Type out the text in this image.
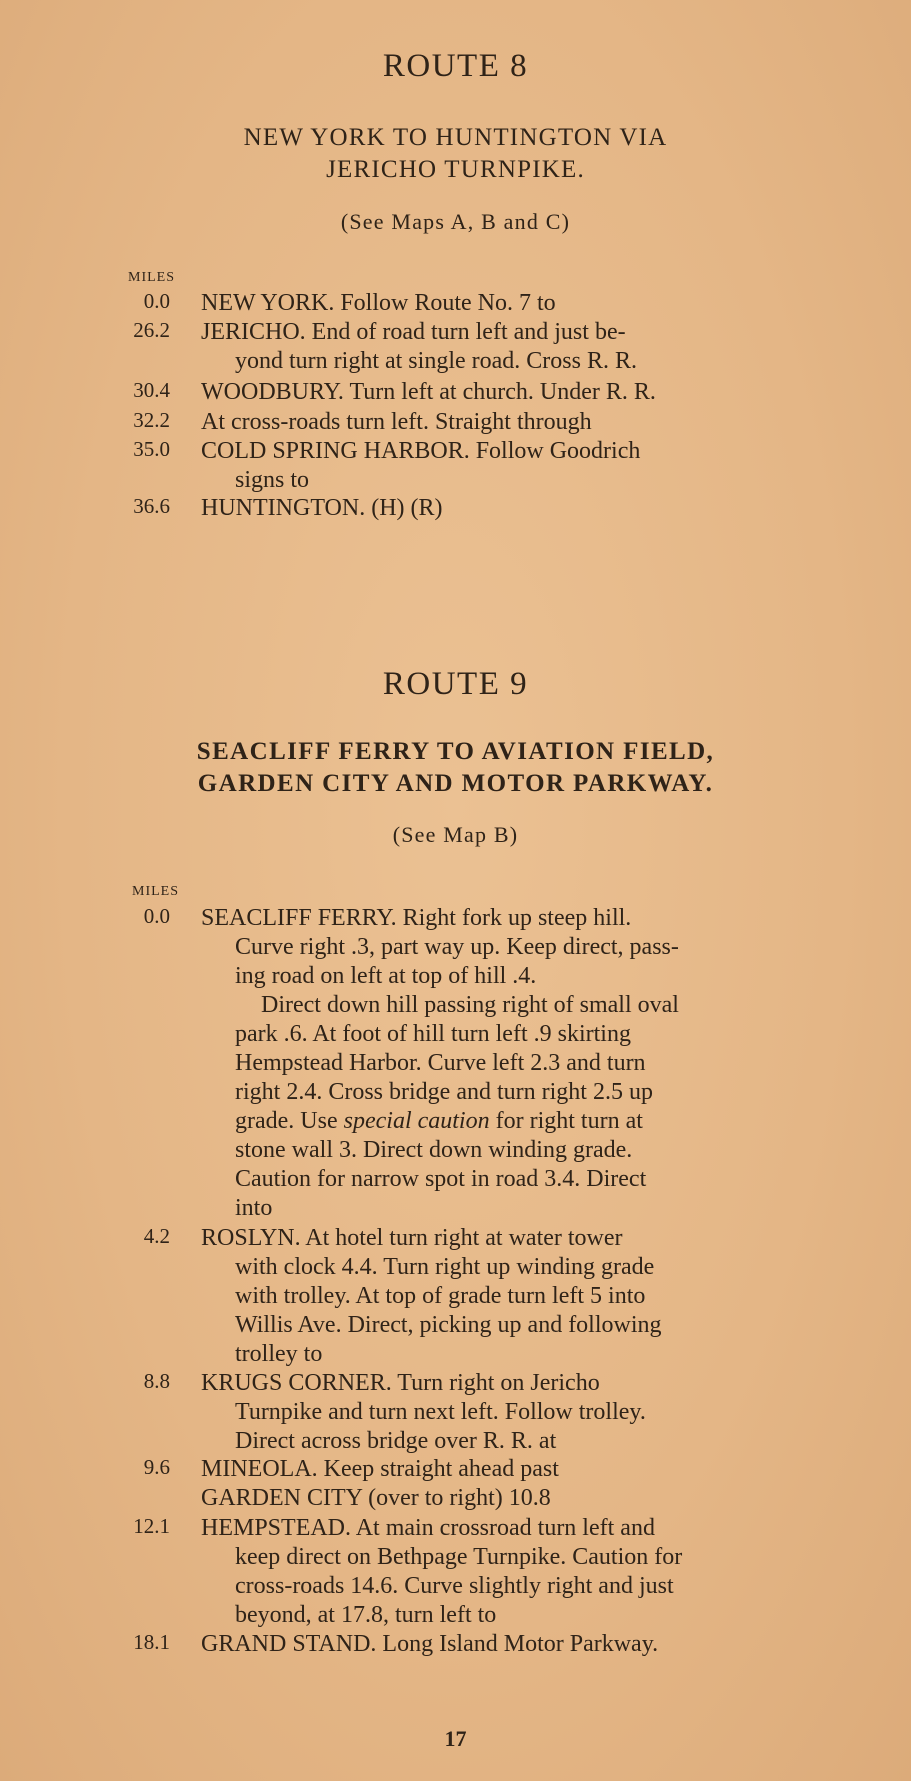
ROUTE 8
NEW YORK TO HUNTINGTON VIA
JERICHO TURNPIKE.
(See Maps A, B and C)
MILES
0.0 NEW YORK. Follow Route No. 7 to
26.2 JERICHO. End of road turn left and just be-
yond turn right at single road. Cross R. R.
30.4 WOODBURY. Turn left at church. Under R. R.
32.2 At cross-roads turn left. Straight through
35.0 COLD SPRING HARBOR. Follow Goodrich
signs to
36.6 HUNTINGTON. (H) (R)
ROUTE 9
SEACLIFF FERRY TO AVIATION FIELD,
GARDEN CITY AND MOTOR PARKWAY.
(See Map B)
MILES
0.0 SEACLIFF FERRY. Right fork up steep hill.
Curve right .3, part way up. Keep direct, pass-
ing road on left at top of hill .4.
Direct down hill passing right of small oval
park .6. At foot of hill turn left .9 skirting
Hempstead Harbor. Curve left 2.3 and turn
right 2.4. Cross bridge and turn right 2.5 up
grade. Use special caution for right turn at
stone wall 3. Direct down winding grade.
Caution for narrow spot in road 3.4. Direct
into
4.2 ROSLYN. At hotel turn right at water tower
with clock 4.4. Turn right up winding grade
with trolley. At top of grade turn left 5 into
Willis Ave. Direct, picking up and following
trolley to
8.8 KRUGS CORNER. Turn right on Jericho
Turnpike and turn next left. Follow trolley.
Direct across bridge over R. R. at
9.6 MINEOLA. Keep straight ahead past
GARDEN CITY (over to right) 10.8
12.1 HEMPSTEAD. At main crossroad turn left and
keep direct on Bethpage Turnpike. Caution for
cross-roads 14.6. Curve slightly right and just
beyond, at 17.8, turn left to
18.1 GRAND STAND. Long Island Motor Parkway.
17
